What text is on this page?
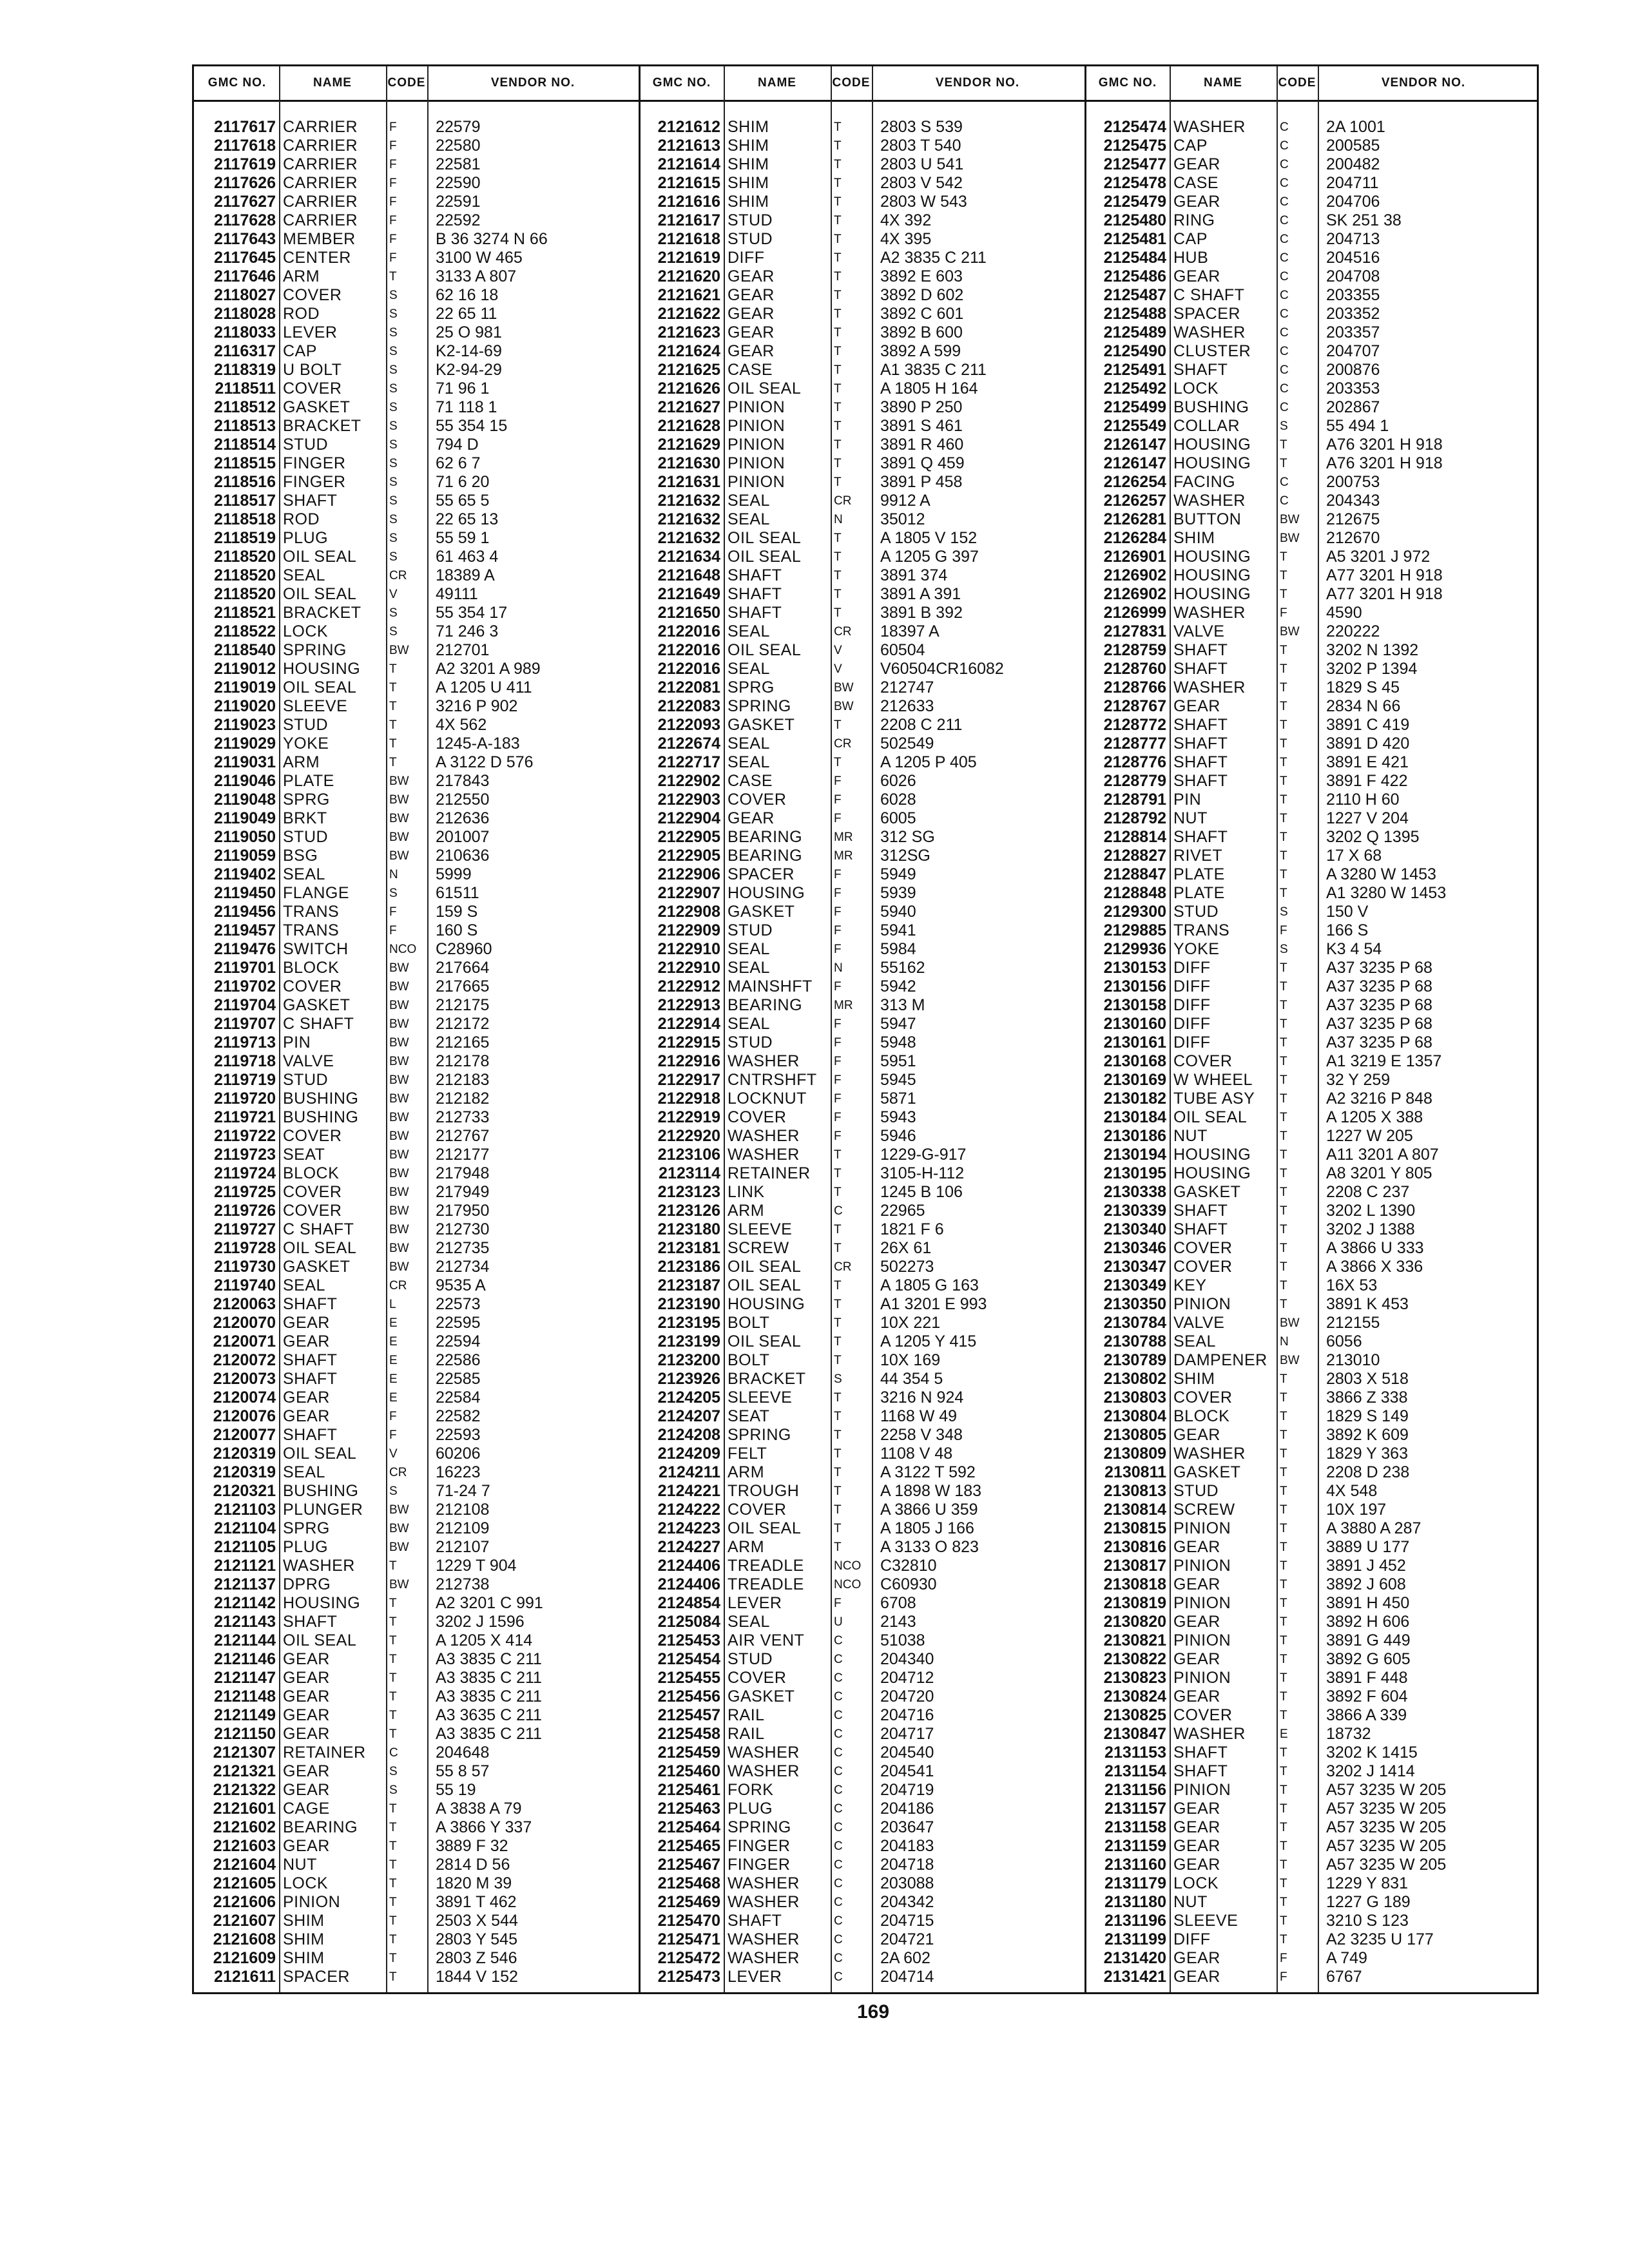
GMC NO.	NAME	CODE	VENDOR NO.	GMC NO.	NAME	CODE	VENDOR NO.	GMC NO.	NAME	CODE	VENDOR NO.
2117617 CARRIER	F 22579	2121612 SHIM	T 2803 S 539	2125474 WASHER	C 2A 1001
2117618 CARRIER	F 22580	2121613 SHIM	T 2803 T 540	2125475 CAP	C 200585
2117619 CARRIER	F 22581	2121614 SHIM	T 2803 U 541	2125477 GEAR	C 200482
2117626 CARRIER	F 22590	2121615 SHIM	T 2803 V 542	2125478 CASE	C 204711
2117627 CARRIER	F 22591	2121616 SHIM	T 2803 W 543	2125479 GEAR	C 204706
2117628 CARRIER	F 22592	2121617 STUD	T 4X 392	2125480 RING	C SK 251 38
2117643 MEMBER	F B 36 3274 N 66	2121618 STUD	T 4X 395	2125481 CAP	C 204713
2117645 CENTER	F 3100 W 465	2121619 DIFF	T A2 3835 C 211	2125484 HUB	C 204516
2117646 ARM	T 3133 A 807	2121620 GEAR	T 3892 E 603	2125486 GEAR	C 204708
2118027 COVER	S 62 16 18	2121621 GEAR	T 3892 D 602	2125487 C SHAFT	C 203355
2118028 ROD	S 22 65 11	2121622 GEAR	T 3892 C 601	2125488 SPACER	C 203352
2118033 LEVER	S 25 O 981	2121623 GEAR	T 3892 B 600	2125489 WASHER	C 203357
2116317 CAP	S K2-14-69	2121624 GEAR	T 3892 A 599	2125490 CLUSTER C 204707
2118319 U BOLT	S K2-94-29	2121625 CASE	T A1 3835 C 211	2125491 SHAFT	C 200876
2118511 COVER	S 71 96 1	2121626 OIL SEAL	T A 1805 H 164	2125492 LOCK	C 203353
2118512 GASKET	S 71 118 1	2121627 PINION	T 3890 P 250	2125499 BUSHING	C 202867
2118513 BRACKET S 55 354 15	2121628 PINION	T 3891 S 461	2125549 COLLAR	S 55 494 1
2118514 STUD	S 794 D	2121629 PINION	T 3891 R 460	2126147 HOUSING T A76 3201 H 918
2118515 FINGER	S 62 6 7	2121630 PINION	T 3891 Q 459	2126147 HOUSING T A76 3201 H 918
2118516 FINGER	S 71 6 20	2121631 PINION	T 3891 P 458	2126254 FACING	C 200753
2118517 SHAFT	S 55 65 5	2121632 SEAL	CR 9912 A	2126257 WASHER	C 204343
2118518 ROD	S 22 65 13	2121632 SEAL	N 35012	2126281 BUTTON	BW 212675
2118519 PLUG	S 55 59 1	2121632 OIL SEAL	T A 1805 V 152	2126284 SHIM	BW 212670
2118520 OIL SEAL	S 61 463 4	2121634 OIL SEAL	T A 1205 G 397	2126901 HOUSING T A5 3201 J 972
2118520 SEAL	CR 18389 A	2121648 SHAFT	T 3891 374	2126902 HOUSING T A77 3201 H 918
2118520 OIL SEAL	V 49111	2121649 SHAFT	T 3891 A 391	2126902 HOUSING T A77 3201 H 918
2118521 BRACKET S 55 354 17	2121650 SHAFT	T 3891 B 392	2126999 WASHER	F 4590
2118522 LOCK	S 71 246 3	2122016 SEAL	CR 18397 A	2127831 VALVE	BW 220222
2118540 SPRING	BW 212701	2122016 OIL SEAL	V 60504	2128759 SHAFT	T 3202 N 1392
2119012 HOUSING T A2 3201 A 989	2122016 SEAL	V V60504CR16082	2128760 SHAFT	T 3202 P 1394
2119019 OIL SEAL	T A 1205 U 411	2122081 SPRG	BW 212747	2128766 WASHER	T 1829 S 45
2119020 SLEEVE	T 3216 P 902	2122083 SPRING	BW 212633	2128767 GEAR	T 2834 N 66
2119023 STUD	T 4X 562	2122093 GASKET	T 2208 C 211	2128772 SHAFT	T 3891 C 419
2119029 YOKE	T 1245-A-183	2122674 SEAL	CR 502549	2128777 SHAFT	T 3891 D 420
2119031 ARM	T A 3122 D 576	2122717 SEAL	T A 1205 P 405	2128776 SHAFT	T 3891 E 421
2119046 PLATE	BW 217843	2122902 CASE	F 6026	2128779 SHAFT	T 3891 F 422
2119048 SPRG	BW 212550	2122903 COVER	F 6028	2128791 PIN	T 2110 H 60
2119049 BRKT	BW 212636	2122904 GEAR	F 6005	2128792 NUT	T 1227 V 204
2119050 STUD	BW 201007	2122905 BEARING	MR 312 SG	2128814 SHAFT	T 3202 Q 1395
2119059 BSG	BW 210636	2122905 BEARING	MR 312SG	2128827 RIVET	T 17 X 68
2119402 SEAL	N 5999	2122906 SPACER	F 5949	2128847 PLATE	T A 3280 W 1453
2119450 FLANGE	S 61511	2122907 HOUSING F 5939	2128848 PLATE	T A1 3280 W 1453
2119456 TRANS	F 159 S	2122908 GASKET	F 5940	2129300 STUD	S 150 V
2119457 TRANS	F 160 S	2122909 STUD	F 5941	2129885 TRANS	F 166 S
2119476 SWITCH	NCO C28960	2122910 SEAL	F 5984	2129936 YOKE	S K3 4 54
2119701 BLOCK	BW 217664	2122910 SEAL	N 55162	2130153 DIFF	T A37 3235 P 68
2119702 COVER	BW 217665	2122912 MAINSHFT F 5942	2130156 DIFF	T A37 3235 P 68
2119704 GASKET	BW 212175	2122913 BEARING	MR 313 M	2130158 DIFF	T A37 3235 P 68
2119707 C SHAFT	BW 212172	2122914 SEAL	F 5947	2130160 DIFF	T A37 3235 P 68
2119713 PIN	BW 212165	2122915 STUD	F 5948	2130161 DIFF	T A37 3235 P 68
2119718 VALVE	BW 212178	2122916 WASHER	F 5951	2130168 COVER	T A1 3219 E 1357
2119719 STUD	BW 212183	2122917 CNTRSHFT F 5945	2130169 W WHEEL T 32 Y 259
2119720 BUSHING	BW 212182	2122918 LOCKNUT F 5871	2130182 TUBE ASY T A2 3216 P 848
2119721 BUSHING	BW 212733	2122919 COVER	F 5943	2130184 OIL SEAL	T A 1205 X 388
2119722 COVER	BW 212767	2122920 WASHER	F 5946	2130186 NUT	T 1227 W 205
2119723 SEAT	BW 212177	2123106 WASHER	T 1229-G-917	2130194 HOUSING T A11 3201 A 807
2119724 BLOCK	BW 217948	2123114 RETAINER T 3105-H-112	2130195 HOUSING T A8 3201 Y 805
2119725 COVER	BW 217949	2123123 LINK	T 1245 B 106	2130338 GASKET	T 2208 C 237
2119726 COVER	BW 217950	2123126 ARM	C 22965	2130339 SHAFT	T 3202 L 1390
2119727 C SHAFT	BW 212730	2123180 SLEEVE	T 1821 F 6	2130340 SHAFT	T 3202 J 1388
2119728 OIL SEAL	BW 212735	2123181 SCREW	T 26X 61	2130346 COVER	T A 3866 U 333
2119730 GASKET	BW 212734	2123186 OIL SEAL	CR 502273	2130347 COVER	T A 3866 X 336
2119740 SEAL	CR 9535 A	2123187 OIL SEAL	T A 1805 G 163	2130349 KEY	T 16X 53
2120063 SHAFT	L 22573	2123190 HOUSING T A1 3201 E 993	2130350 PINION	T 3891 K 453
2120070 GEAR	E 22595	2123195 BOLT	T 10X 221	2130784 VALVE	BW 212155
2120071 GEAR	E 22594	2123199 OIL SEAL	T A 1205 Y 415	2130788 SEAL	N 6056
2120072 SHAFT	E 22586	2123200 BOLT	T 10X 169	2130789 DAMPENER BW 213010
2120073 SHAFT	E 22585	2123926 BRACKET S 44 354 5	2130802 SHIM	T 2803 X 518
2120074 GEAR	E 22584	2124205 SLEEVE	T 3216 N 924	2130803 COVER	T 3866 Z 338
2120076 GEAR	F 22582	2124207 SEAT	T 1168 W 49	2130804 BLOCK	T 1829 S 149
2120077 SHAFT	F 22593	2124208 SPRING	T 2258 V 348	2130805 GEAR	T 3892 K 609
2120319 OIL SEAL	V 60206	2124209 FELT	T 1108 V 48	2130809 WASHER	T 1829 Y 363
2120319 SEAL	CR 16223	2124211 ARM	T A 3122 T 592	2130811 GASKET	T 2208 D 238
2120321 BUSHING	S 71-24 7	2124221 TROUGH	T A 1898 W 183	2130813 STUD	T 4X 548
2121103 PLUNGER BW 212108	2124222 COVER	T A 3866 U 359	2130814 SCREW	T 10X 197
2121104 SPRG	BW 212109	2124223 OIL SEAL	T A 1805 J 166	2130815 PINION	T A 3880 A 287
2121105 PLUG	BW 212107	2124227 ARM	T A 3133 O 823	2130816 GEAR	T 3889 U 177
2121121 WASHER	T 1229 T 904	2124406 TREADLE NCO C32810	2130817 PINION	T 3891 J 452
2121137 DPRG	BW 212738	2124406 TREADLE NCO C60930	2130818 GEAR	T 3892 J 608
2121142 HOUSING T A2 3201 C 991	2124854 LEVER	F 6708	2130819 PINION	T 3891 H 450
2121143 SHAFT	T 3202 J 1596	2125084 SEAL	U 2143	2130820 GEAR	T 3892 H 606
2121144 OIL SEAL	T A 1205 X 414	2125453 AIR VENT C 51038	2130821 PINION	T 3891 G 449
2121146 GEAR	T A3 3835 C 211	2125454 STUD	C 204340	2130822 GEAR	T 3892 G 605
2121147 GEAR	T A3 3835 C 211	2125455 COVER	C 204712	2130823 PINION	T 3891 F 448
2121148 GEAR	T A3 3835 C 211	2125456 GASKET	C 204720	2130824 GEAR	T 3892 F 604
2121149 GEAR	T A3 3635 C 211	2125457 RAIL	C 204716	2130825 COVER	T 3866 A 339
2121150 GEAR	T A3 3835 C 211	2125458 RAIL	C 204717	2130847 WASHER	E 18732
2121307 RETAINER C 204648	2125459 WASHER	C 204540	2131153 SHAFT	T 3202 K 1415
2121321 GEAR	S 55 8 57	2125460 WASHER	C 204541	2131154 SHAFT	T 3202 J 1414
2121322 GEAR	S 55 19	2125461 FORK	C 204719	2131156 PINION	T A57 3235 W 205
2121601 CAGE	T A 3838 A 79	2125463 PLUG	C 204186	2131157 GEAR	T A57 3235 W 205
2121602 BEARING	T A 3866 Y 337	2125464 SPRING	C 203647	2131158 GEAR	T A57 3235 W 205
2121603 GEAR	T 3889 F 32	2125465 FINGER	C 204183	2131159 GEAR	T A57 3235 W 205
2121604 NUT	T 2814 D 56	2125467 FINGER	C 204718	2131160 GEAR	T A57 3235 W 205
2121605 LOCK	T 1820 M 39	2125468 WASHER	C 203088	2131179 LOCK	T 1229 Y 831
2121606 PINION	T 3891 T 462	2125469 WASHER	C 204342	2131180 NUT	T 1227 G 189
2121607 SHIM	T 2503 X 544	2125470 SHAFT	C 204715	2131196 SLEEVE	T 3210 S 123
2121608 SHIM	T 2803 Y 545	2125471 WASHER	C 204721	2131199 DIFF	T A2 3235 U 177
2121609 SHIM	T 2803 Z 546	2125472 WASHER	C 2A 602	2131420 GEAR	F A 749
2121611 SPACER	T 1844 V 152	2125473 LEVER	C 204714	2131421 GEAR	F 6767
169
